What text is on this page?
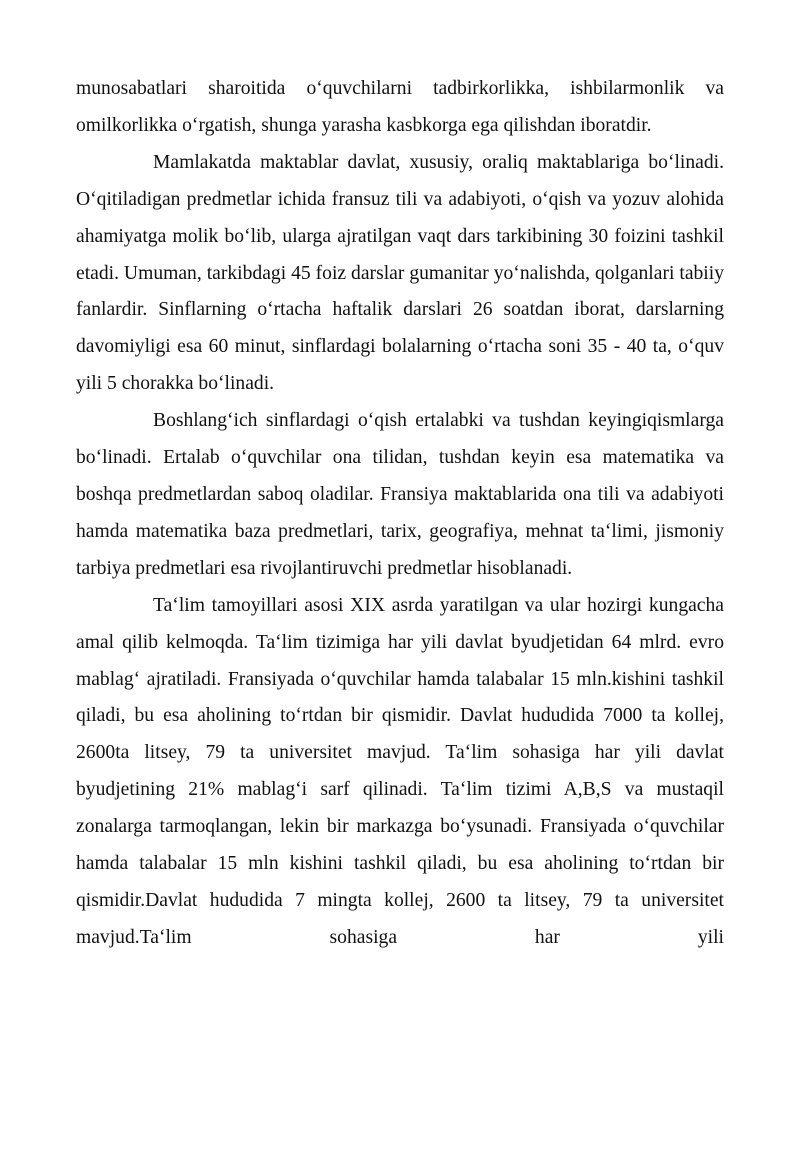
munosabatlari sharoitida o‘quvchilarni tadbirkorlikka, ishbilarmonlik va omilkorlikka o‘rgatish, shunga yarasha kasbkorga ega qilishdan iboratdir.

Mamlakatda maktablar davlat, xususiy, oraliq maktablariga bo‘linadi. O‘qitiladigan predmetlar ichida fransuz tili va adabiyoti, o‘qish va yozuv alohida ahamiyatga molik bo‘lib, ularga ajratilgan vaqt dars tarkibining 30 foizini tashkil etadi. Umuman, tarkibdagi 45 foiz darslar gumanitar yo‘nalishda, qolganlari tabiiy fanlardir. Sinflarning o‘rtacha haftalik darslari 26 soatdan iborat, darslarning davomiyligi esa 60 minut, sinflardagi bolalarning o‘rtacha soni 35 - 40 ta, o‘quv yili 5 chorakka bo‘linadi.

Boshlang‘ich sinflardagi o‘qish ertalabki va tushdan keyingiqismlarga bo‘linadi. Ertalab o‘quvchilar ona tilidan, tushdan keyin esa matematika va boshqa predmetlardan saboq oladilar. Fransiya maktablarida ona tili va adabiyoti hamda matematika baza predmetlari, tarix, geografiya, mehnat ta‘limi, jismoniy tarbiya predmetlari esa rivojlantiruvchi predmetlar hisoblanadi.

Ta‘lim tamoyillari asosi XIX asrda yaratilgan va ular hozirgi kungacha amal qilib kelmoqda. Ta‘lim tizimiga har yili davlat byudjetidan 64 mlrd. evro mablag‘ ajratiladi. Fransiyada o‘quvchilar hamda talabalar 15 mln.kishini tashkil qiladi, bu esa aholining to‘rtdan bir qismidir. Davlat hududida 7000 ta kollej, 2600ta litsey, 79 ta universitet mavjud. Ta‘lim sohasiga har yili davlat byudjetining 21% mablag‘i sarf qilinadi. Ta‘lim tizimi A,B,S va mustaqil zonalarga tarmoqlangan, lekin bir markazga bo‘ysunadi. Fransiyada o‘quvchilar hamda talabalar 15 mln kishini tashkil qiladi, bu esa aholining to‘rtdan bir qismidir.Davlat hududida 7 mingta kollej, 2600 ta litsey, 79 ta universitet mavjud.Ta‘lim sohasiga har yili
